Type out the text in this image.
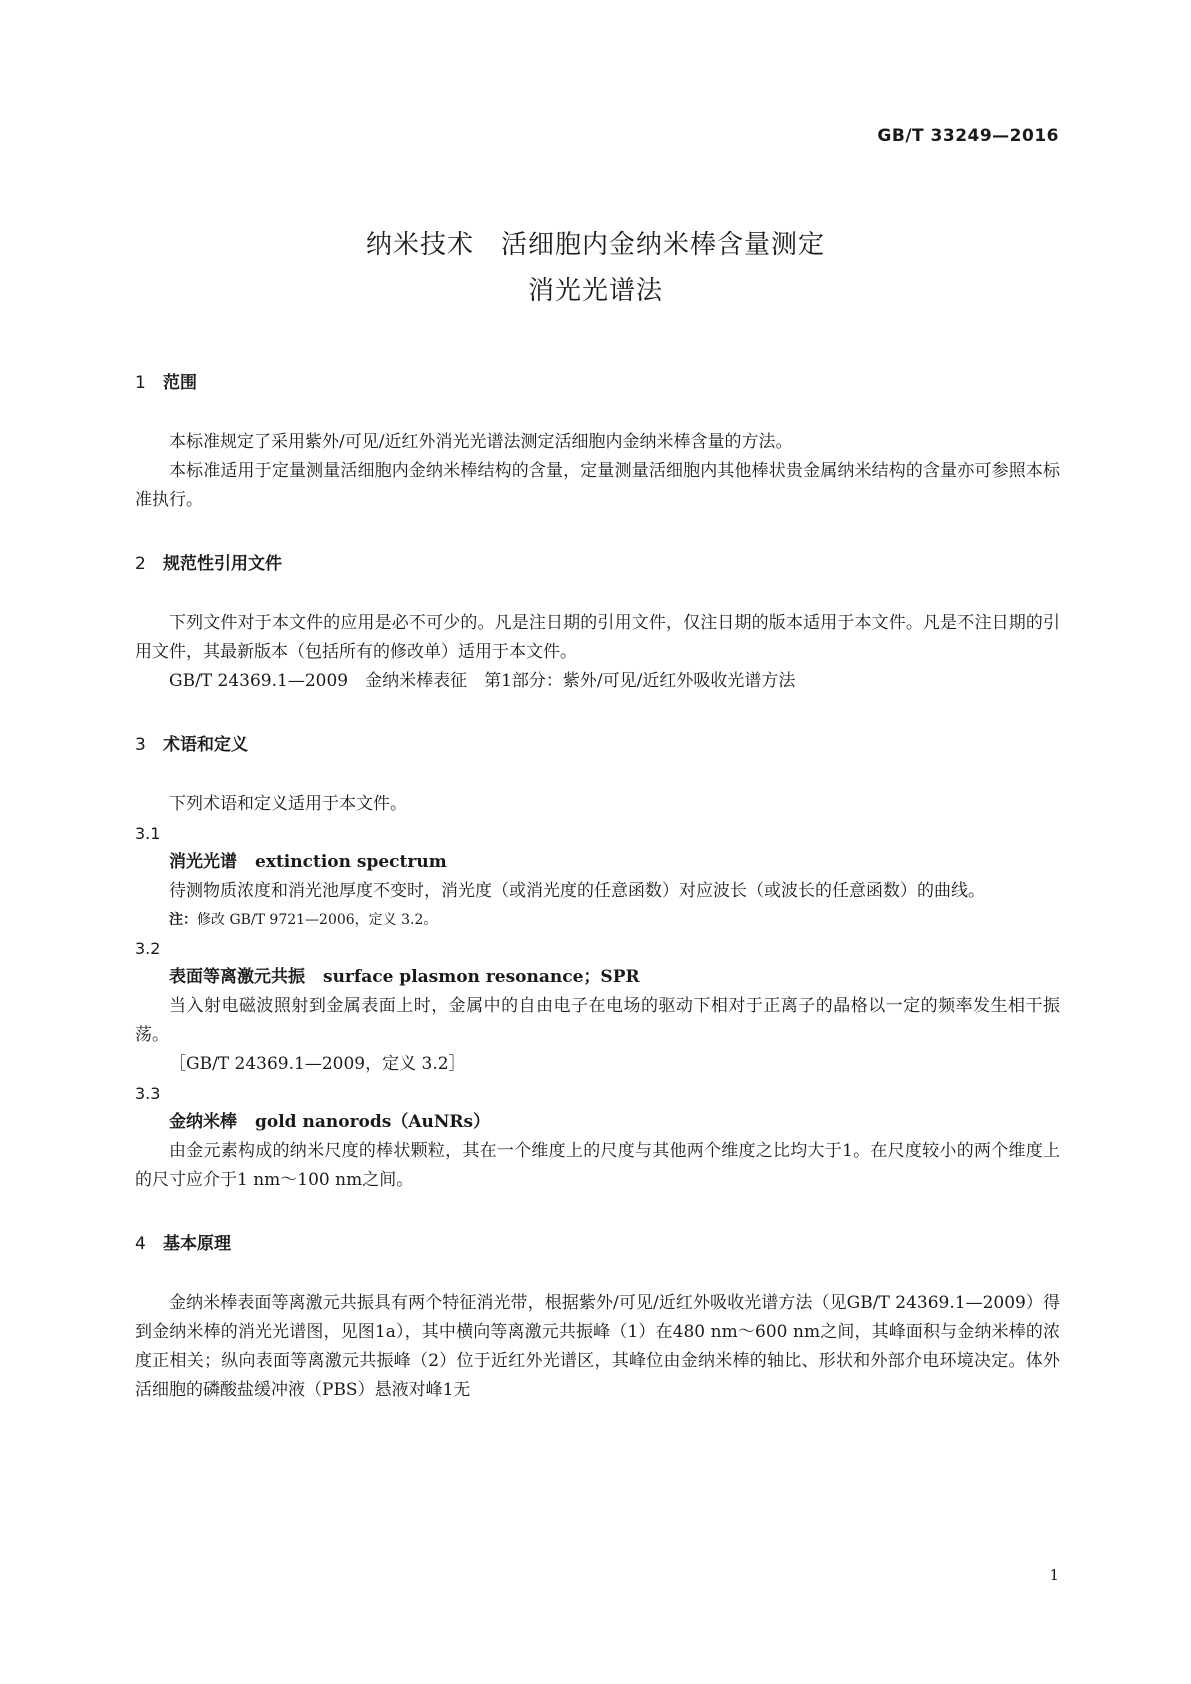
GB/T 33249—2016
纳米技术　活细胞内金纳米棒含量测定
消光光谱法
1 范围

本标准规定了采用紫外/可见/近红外消光光谱法测定活细胞内金纳米棒含量的方法。

本标准适用于定量测量活细胞内金纳米棒结构的含量，定量测量活细胞内其他棒状贵金属纳米结构的含量亦可参照本标准执行。

2 规范性引用文件

下列文件对于本文件的应用是必不可少的。凡是注日期的引用文件，仅注日期的版本适用于本文件。凡是不注日期的引用文件，其最新版本（包括所有的修改单）适用于本文件。

GB/T 24369.1—2009　金纳米棒表征　第1部分：紫外/可见/近红外吸收光谱方法
3 术语和定义

下列术语和定义适用于本文件。

3.1
消光光谱 extinction spectrum

待测物质浓度和消光池厚度不变时，消光度（或消光度的任意函数）对应波长（或波长的任意函数）的曲线。

注：修改 GB/T 9721—2006，定义 3.2。
3.2
表面等离激元共振 surface plasmon resonance；SPR

当入射电磁波照射到金属表面上时，金属中的自由电子在电场的驱动下相对于正离子的晶格以一定的频率发生相干振荡。

［GB/T 24369.1—2009，定义 3.2］
3.3
金纳米棒 gold nanorods（AuNRs）

由金元素构成的纳米尺度的棒状颗粒，其在一个维度上的尺度与其他两个维度之比均大于1。在尺度较小的两个维度上的尺寸应介于1 nm～100 nm之间。

4 基本原理

金纳米棒表面等离激元共振具有两个特征消光带，根据紫外/可见/近红外吸收光谱方法（见GB/T 24369.1—2009）得到金纳米棒的消光光谱图，见图1a），其中横向等离激元共振峰（1）在480 nm～600 nm之间，其峰面积与金纳米棒的浓度正相关；纵向表面等离激元共振峰（2）位于近红外光谱区，其峰位由金纳米棒的轴比、形状和外部介电环境决定。体外活细胞的磷酸盐缓冲液（PBS）悬液对峰1无

1
